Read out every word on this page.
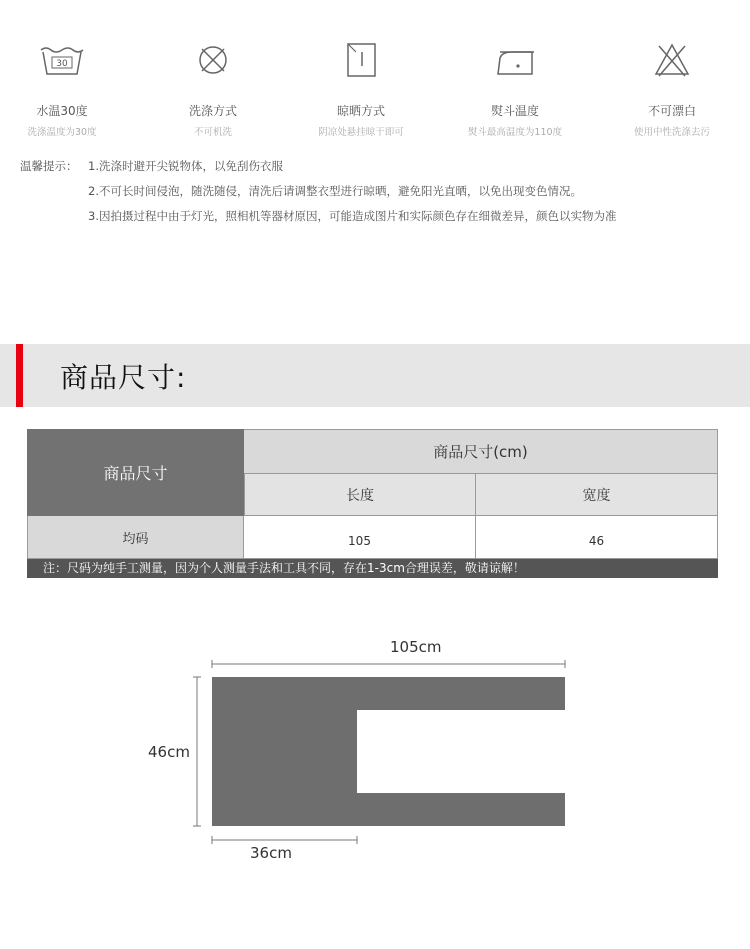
30
水温30度
洗涤温度为30度
洗涤方式
不可机洗
晾晒方式
阴凉处悬挂晾干即可
熨斗温度
熨斗最高温度为110度
不可漂白
使用中性洗涤去污
温馨提示： 1.洗涤时避开尖锐物体，以免刮伤衣服
2.不可长时间侵泡，随洗随侵，清洗后请调整衣型进行晾晒，避免阳光直晒，以免出现变色情况。
3.因拍摄过程中由于灯光，照相机等器材原因，可能造成图片和实际颜色存在细微差异，颜色以实物为准
商品尺寸:
商品尺寸
商品尺寸(cm)
长度	宽度
均码	105	46
注：尺码为纯手工测量，因为个人测量手法和工具不同，存在1-3cm合理误差，敬请谅解！
105cm
46cm
36cm
